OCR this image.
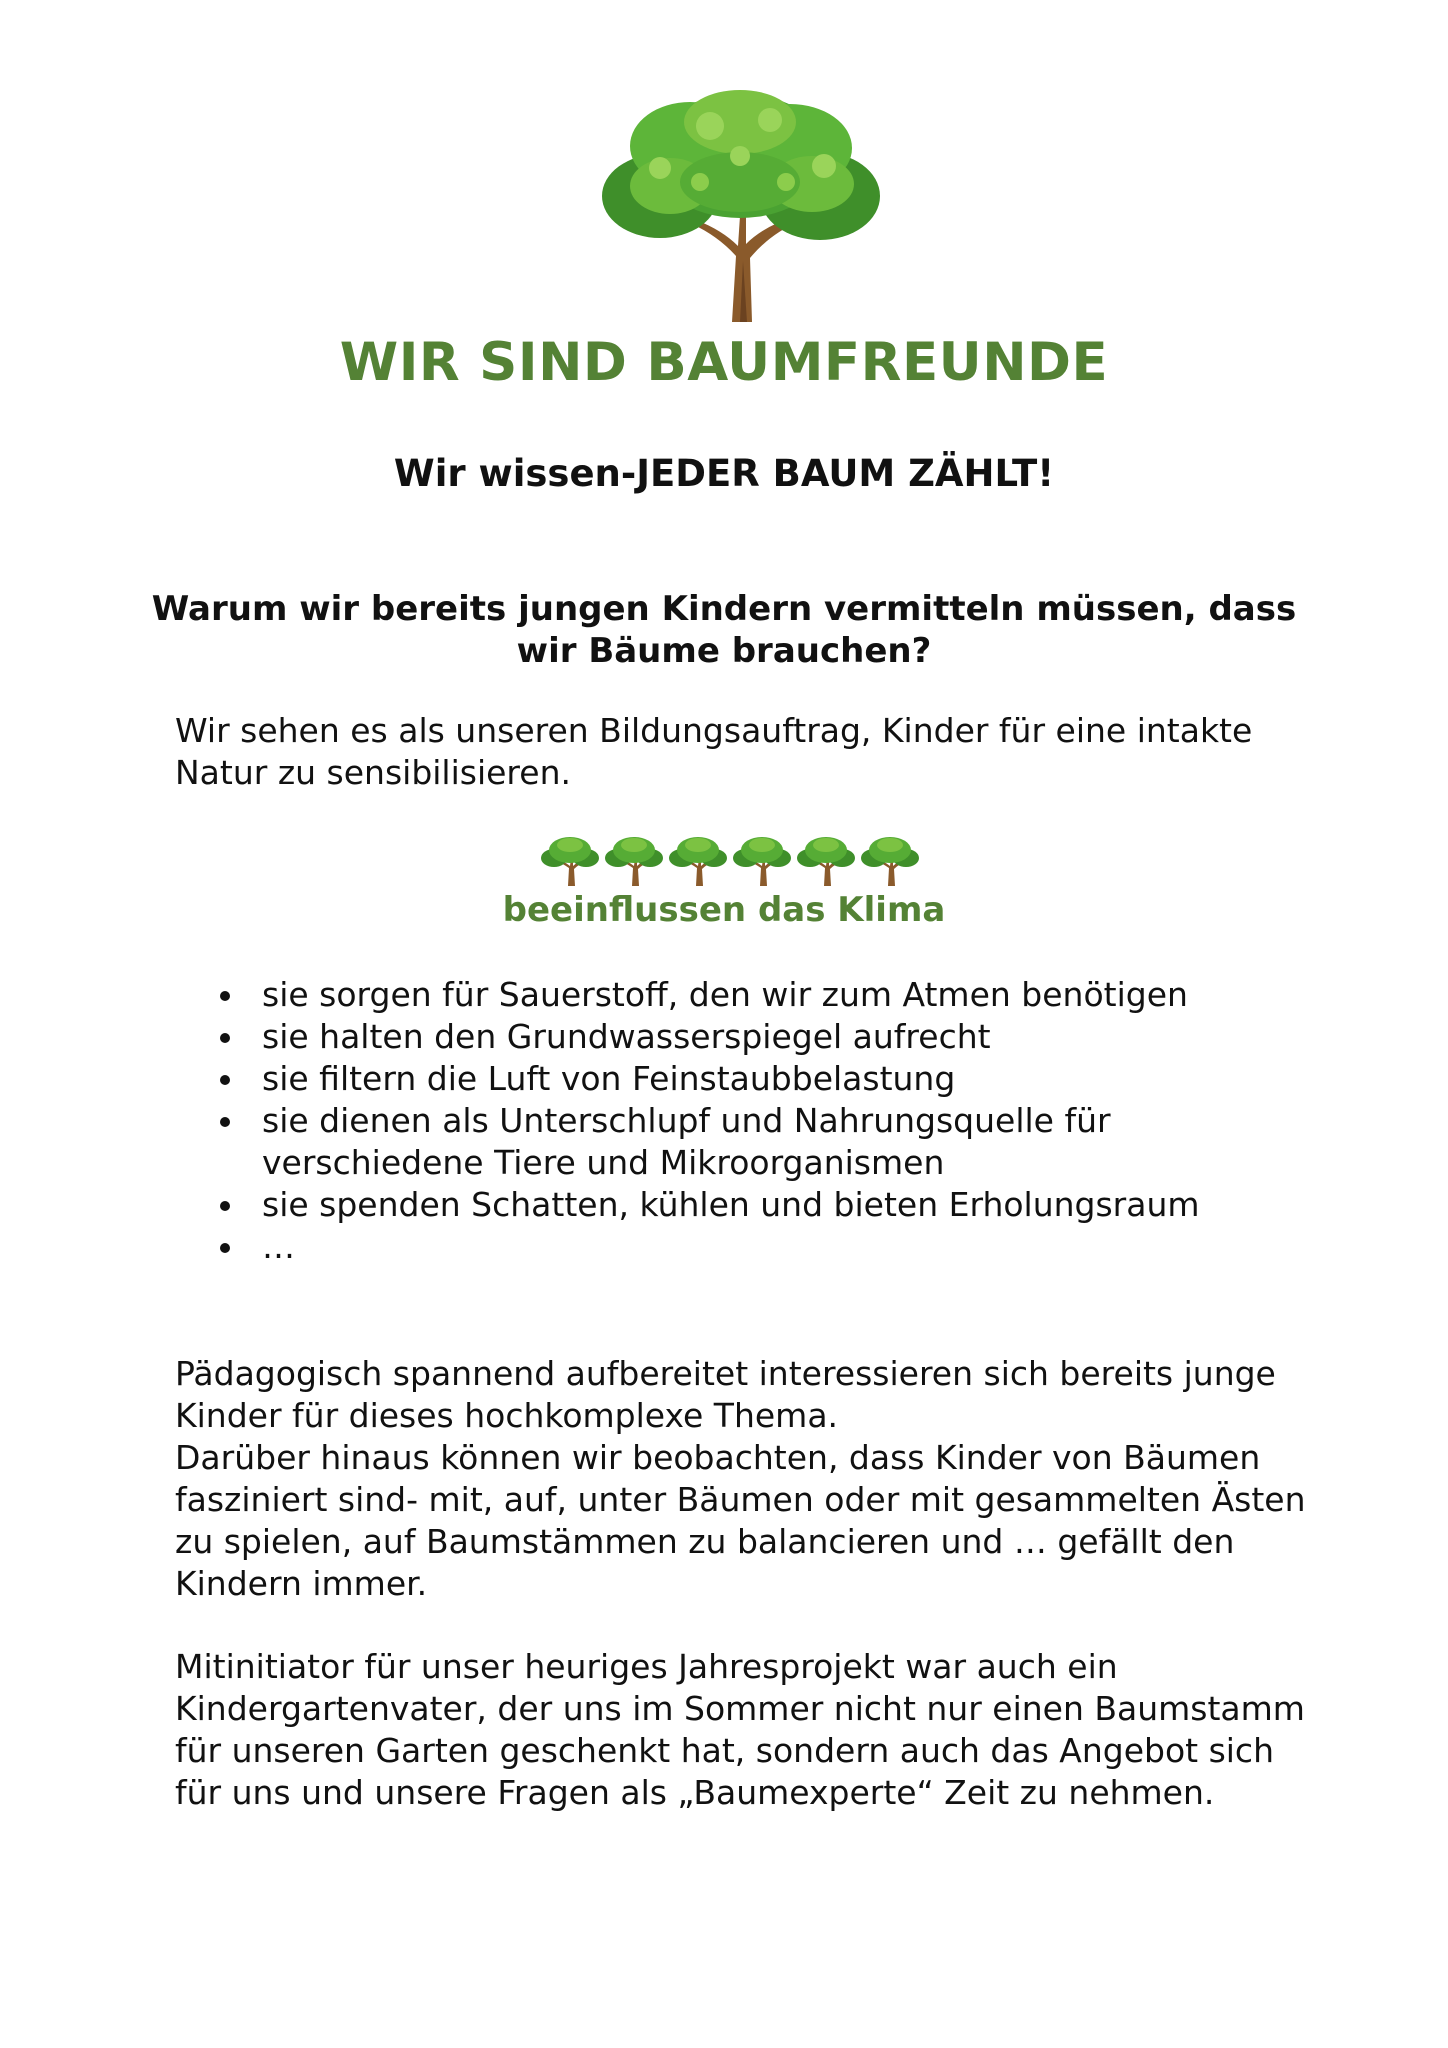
WIR SIND BAUMFREUNDE
Wir wissen-JEDER BAUM ZÄHLT!
Warum wir bereits jungen Kindern vermitteln müssen, dass wir Bäume brauchen?

Wir sehen es als unseren Bildungsauftrag, Kinder für eine intakte Natur zu sensibilisieren.

beeinflussen das Klima
sie sorgen für Sauerstoff, den wir zum Atmen benötigen
sie halten den Grundwasserspiegel aufrecht
sie filtern die Luft von Feinstaubbelastung
sie dienen als Unterschlupf und Nahrungsquelle für verschiedene Tiere und Mikroorganismen
sie spenden Schatten, kühlen und bieten Erholungsraum
…

Pädagogisch spannend aufbereitet interessieren sich bereits junge Kinder für dieses hochkomplexe Thema.
Darüber hinaus können wir beobachten, dass Kinder von Bäumen fasziniert sind- mit, auf, unter Bäumen oder mit gesammelten Ästen zu spielen, auf Baumstämmen zu balancieren und … gefällt den Kindern immer.

Mitinitiator für unser heuriges Jahresprojekt war auch ein Kindergartenvater, der uns im Sommer nicht nur einen Baumstamm für unseren Garten geschenkt hat, sondern auch das Angebot sich für uns und unsere Fragen als „Baumexperte“ Zeit zu nehmen.
